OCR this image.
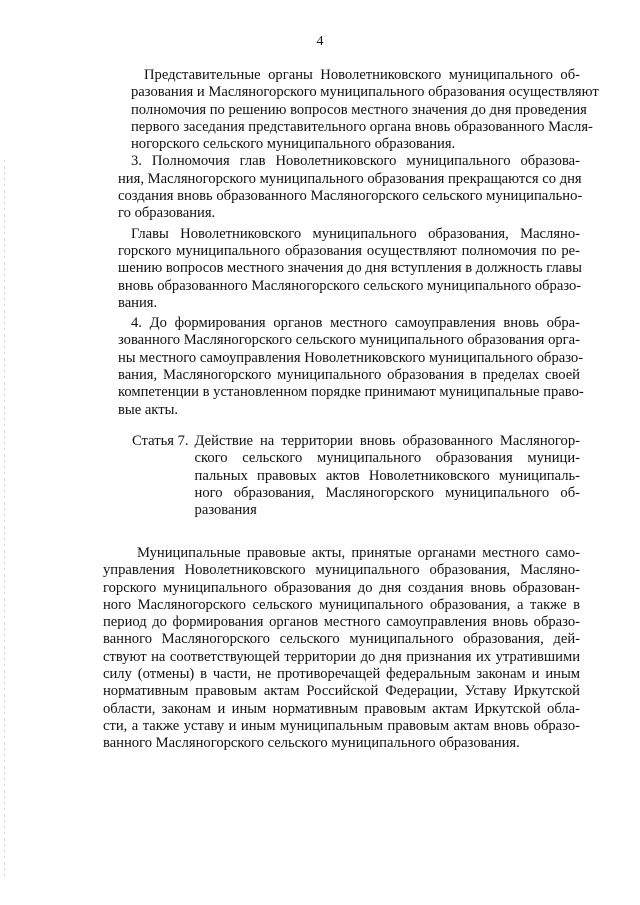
4
Представительные органы Новолетниковского муниципального об-
разования и Масляногорского муниципального образования осуществляют
полномочия по решению вопросов местного значения до дня проведения
первого заседания представительного органа вновь образованного Масля-
ногорского сельского муниципального образования.
3. Полномочия глав Новолетниковского муниципального образова-
ния, Масляногорского муниципального образования прекращаются со дня
создания вновь образованного Масляногорского сельского муниципально-
го образования.
Главы Новолетниковского муниципального образования, Масляно-
горского муниципального образования осуществляют полномочия по ре-
шению вопросов местного значения до дня вступления в должность главы
вновь образованного Масляногорского сельского муниципального образо-
вания.
4. До формирования органов местного самоуправления вновь обра-
зованного Масляногорского сельского муниципального образования орга-
ны местного самоуправления Новолетниковского муниципального образо-
вания, Масляногорского муниципального образования в пределах своей
компетенции в установленном порядке принимают муниципальные право-
вые акты.
Статья 7. Действие на территории вновь образованного Масляногор-
ского сельского муниципального образования муници-
пальных правовых актов Новолетниковского муниципаль-
ного образования, Масляногорского муниципального об-
разования
Муниципальные правовые акты, принятые органами местного само-
управления Новолетниковского муниципального образования, Масляно-
горского муниципального образования до дня создания вновь образован-
ного Масляногорского сельского муниципального образования, а также в
период до формирования органов местного самоуправления вновь образо-
ванного Масляногорского сельского муниципального образования, дей-
ствуют на соответствующей территории до дня признания их утратившими
силу (отмены) в части, не противоречащей федеральным законам и иным
нормативным правовым актам Российской Федерации, Уставу Иркутской
области, законам и иным нормативным правовым актам Иркутской обла-
сти, а также уставу и иным муниципальным правовым актам вновь образо-
ванного Масляногорского сельского муниципального образования.
